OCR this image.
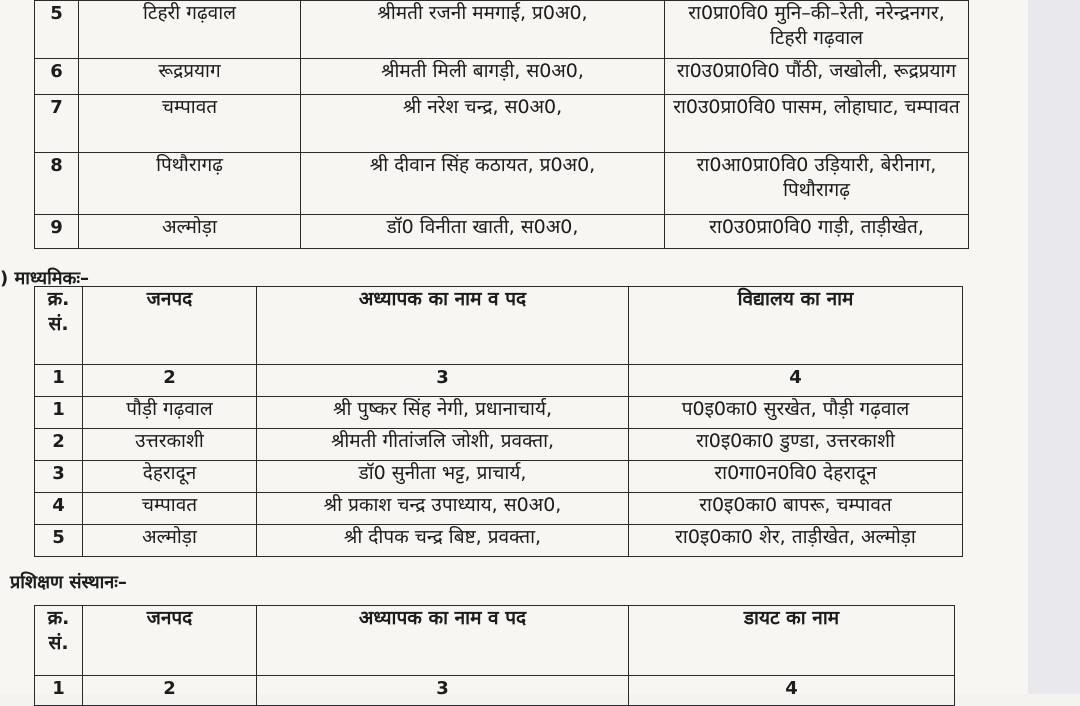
5	टिहरी गढ़वाल	श्रीमती रजनी ममगाई, प्र0अ0,	रा0प्रा0वि0 मुनि–की–रेती, नरेन्द्रनगर, टिहरी गढ़वाल
6	रूद्रप्रयाग	श्रीमती मिली बागड़ी, स0अ0,	रा0उ0प्रा0वि0 पौंठी, जखोली, रूद्रप्रयाग
7	चम्पावत	श्री नरेश चन्द्र, स0अ0,	रा0उ0प्रा0वि0 पासम, लोहाघाट, चम्पावत
8	पिथौरागढ़	श्री दीवान सिंह कठायत, प्र0अ0,	रा0आ0प्रा0वि0 उड़ियारी, बेरीनाग, पिथौरागढ़
9	अल्मोड़ा	डॉ0 विनीता खाती, स0अ0,	रा0उ0प्रा0वि0 गाड़ी, ताड़ीखेत,
) माध्यमिकः–
क्र. सं.	जनपद	अध्यापक का नाम व पद	विद्यालय का नाम
1	2	3	4
1	पौड़ी गढ़वाल	श्री पुष्कर सिंह नेगी, प्रधानाचार्य,	प0इ0का0 सुरखेत, पौड़ी गढ़वाल
2	उत्तरकाशी	श्रीमती गीतांजलि जोशी, प्रवक्ता,	रा0इ0का0 डुण्डा, उत्तरकाशी
3	देहरादून	डॉ0 सुनीता भट्ट, प्राचार्य,	रा0गा0न0वि0 देहरादून
4	चम्पावत	श्री प्रकाश चन्द्र उपाध्याय, स0अ0,	रा0इ0का0 बापरू, चम्पावत
5	अल्मोड़ा	श्री दीपक चन्द्र बिष्ट, प्रवक्ता,	रा0इ0का0 शेर, ताड़ीखेत, अल्मोड़ा
प्रशिक्षण संस्थानः–
क्र. सं.	जनपद	अध्यापक का नाम व पद	डायट का नाम
1	2	3	4
